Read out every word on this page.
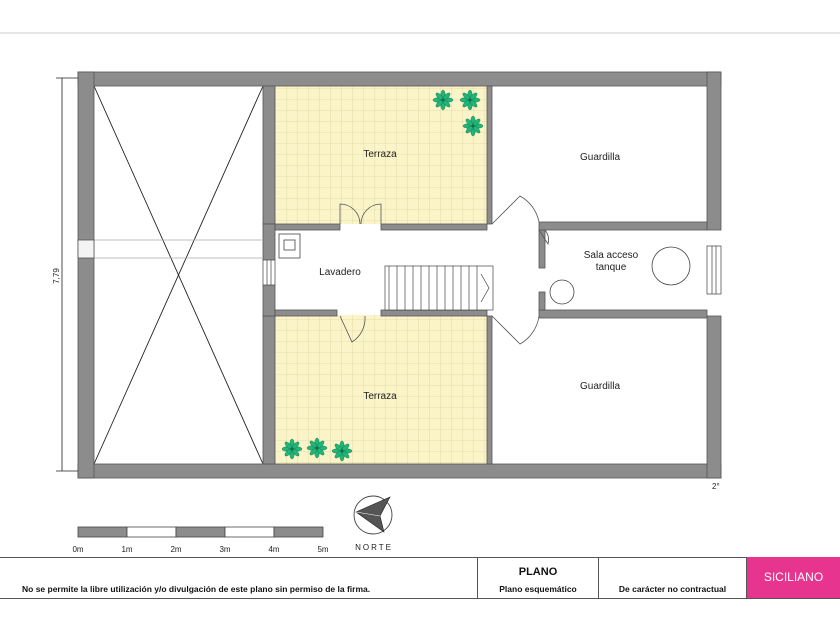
Terraza
Terraza
Guardilla
Guardilla
Lavadero
Sala acceso
tanque
7,79
2°
0m	1m	2m	3m	4m	5m	NORTE
No se permite la libre utilización y/o divulgación de este plano sin permiso de la firma.
PLANO
Plano esquemático	De carácter no contractual
SICILIANO
